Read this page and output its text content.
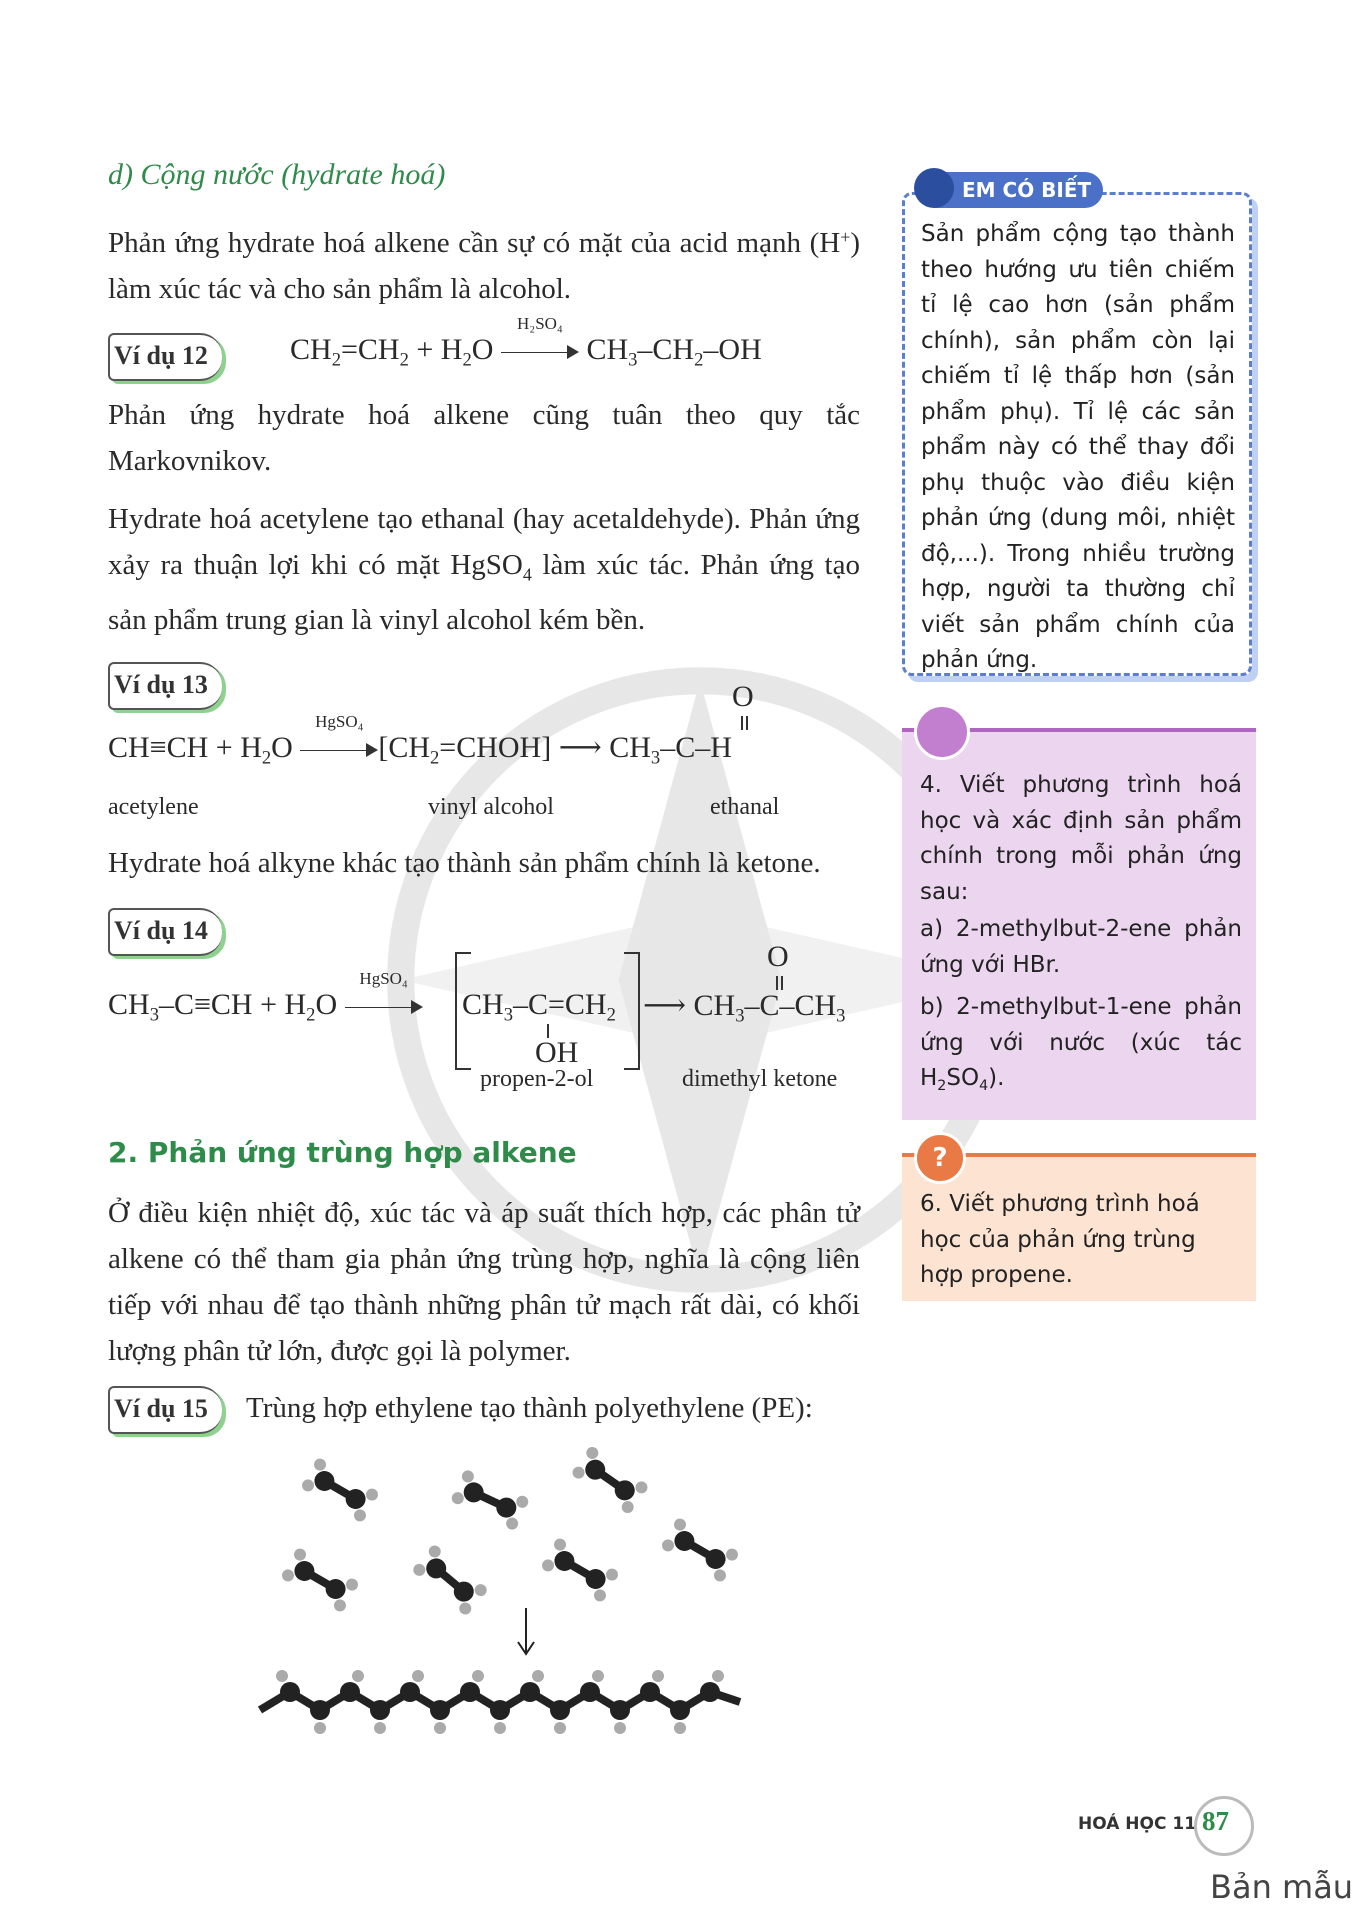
d) Cộng nước (hydrate hoá)
Phản ứng hydrate hoá alkene cần sự có mặt của acid mạnh (H+) làm xúc tác và cho sản phẩm là alcohol.
Ví dụ 12	$CH_2=CH_2 + H_2O$
H₂SO₄
$CH_3-CH_2-OH$
Phản ứng hydrate hoá alkene cũng tuân theo quy tắc Markovnikov.
Hydrate hoá acetylene tạo ethanal (hay acetaldehyde). Phản ứng xảy ra thuận lợi khi có mặt HgSO$_4$ làm xúc tác. Phản ứng tạo sản phẩm trung gian là vinyl alcohol kém bền.
Ví dụ 13
$CH\equiv CH + H_2O$
HgSO₄
$[CH_2=CHOH]$ ⟶ $CH_3-C-H$
O
acetylene	vinyl alcohol	ethanal
Hydrate hoá alkyne khác tạo thành sản phẩm chính là ketone.
Ví dụ 14
$CH_3-C\equiv CH + H_2O$
HgSO₄
$CH_3-C=CH_2$
OH
⟶ $CH_3-C-CH_3$
O
propen-2-ol	dimethyl ketone
2. Phản ứng trùng hợp alkene
Ở điều kiện nhiệt độ, xúc tác và áp suất thích hợp, các phân tử alkene có thể tham gia phản ứng trùng hợp, nghĩa là cộng liên tiếp với nhau để tạo thành những phân tử mạch rất dài, có khối lượng phân tử lớn, được gọi là polymer.
Ví dụ 15	Trùng hợp ethylene tạo thành polyethylene (PE):
Sản phẩm cộng tạo thành theo hướng ưu tiên chiếm tỉ lệ cao hơn (sản phẩm chính), sản phẩm còn lại chiếm tỉ lệ thấp hơn (sản phẩm phụ). Tỉ lệ các sản phẩm này có thể thay đổi phụ thuộc vào điều kiện phản ứng (dung môi, nhiệt độ,...). Trong nhiều trường hợp, người ta thường chỉ viết sản phẩm chính của phản ứng.
EM CÓ BIẾT
4. Viết phương trình hoá học và xác định sản phẩm chính trong mỗi phản ứng sau:
a) 2-methylbut-2-ene phản ứng với HBr.
b) 2-methylbut-1-ene phản ứng với nước (xúc tác $H_2SO_4$).
6. Viết phương trình hoá học của phản ứng trùng hợp propene.
?
HOÁ HỌC 11 87
Bản mẫu
